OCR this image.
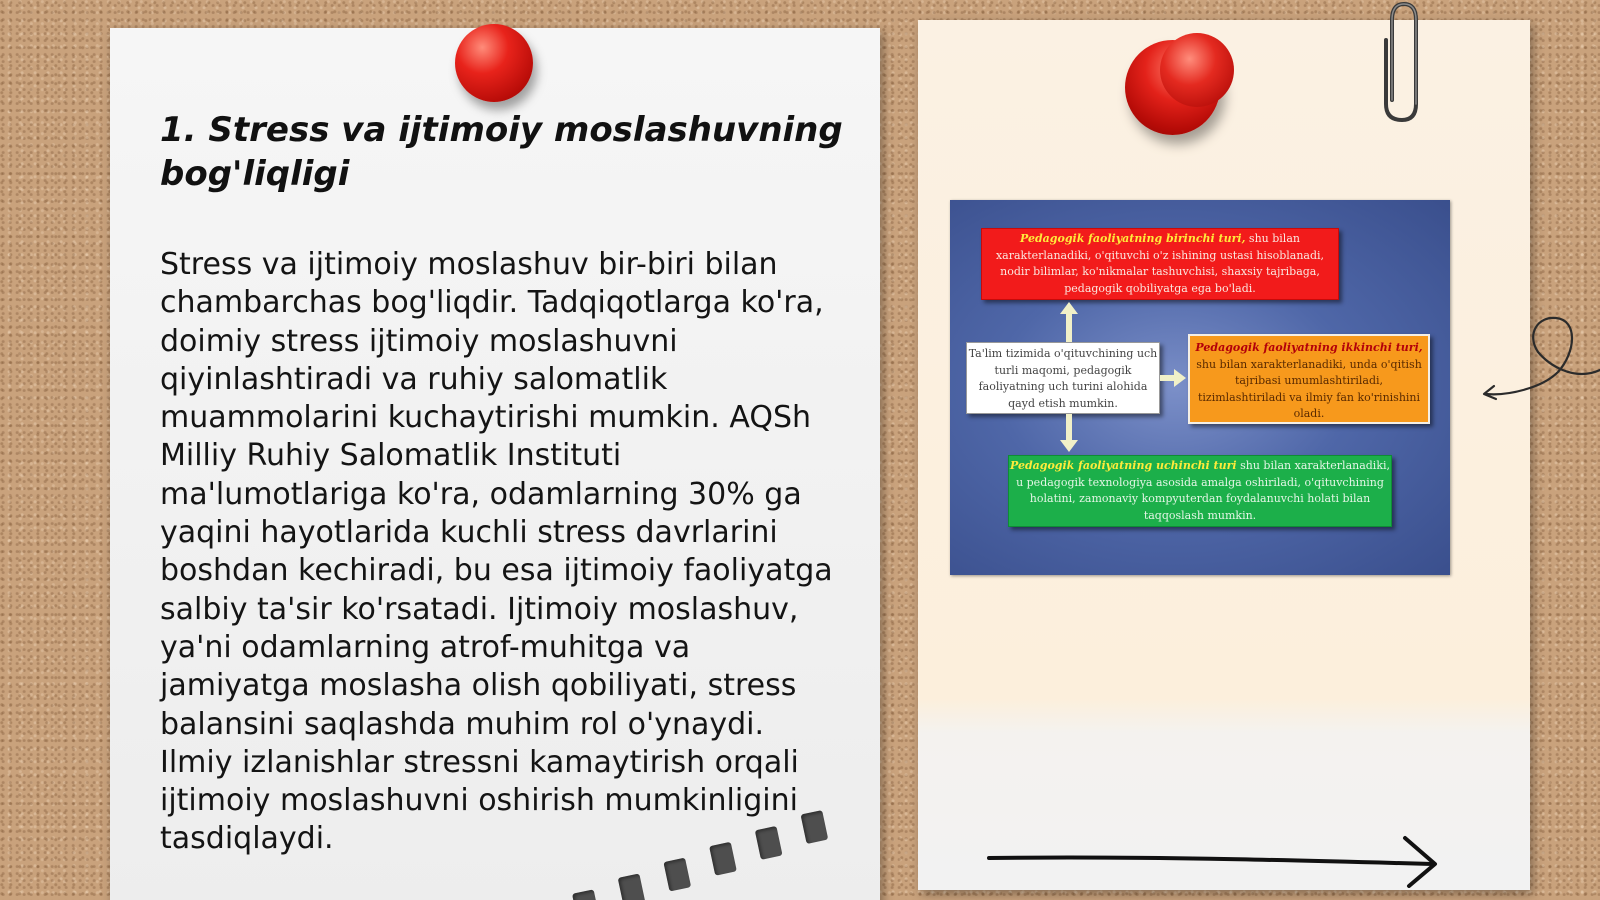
1. Stress va ijtimoiy moslashuvning bog'liqligi

Stress va ijtimoiy moslashuv bir-biri bilan chambarchas bog'liqdir. Tadqiqotlarga ko'ra, doimiy stress ijtimoiy moslashuvni qiyinlashtiradi va ruhiy salomatlik muammolarini kuchaytirishi mumkin. AQSh Milliy Ruhiy Salomatlik Instituti ma'lumotlariga ko'ra, odamlarning 30% ga yaqini hayotlarida kuchli stress davrlarini boshdan kechiradi, bu esa ijtimoiy faoliyatga salbiy ta'sir ko'rsatadi. Ijtimoiy moslashuv, ya'ni odamlarning atrof-muhitga va jamiyatga moslasha olish qobiliyati, stress balansini saqlashda muhim rol o'ynaydi. Ilmiy izlanishlar stressni kamaytirish orqali ijtimoiy moslashuvni oshirish mumkinligini tasdiqlaydi.

Pedagogik faoliyatning birinchi turi, shu bilan xarakterlanadiki, o'qituvchi o'z ishining ustasi hisoblanadi, nodir bilimlar, ko'nikmalar tashuvchisi, shaxsiy tajribaga, pedagogik qobiliyatga ega bo'ladi.
Ta'lim tizimida o'qituvchining uch turli maqomi, pedagogik faoliyatning uch turini alohida qayd etish mumkin.
Pedagogik faoliyatning ikkinchi turi, shu bilan xarakterlanadiki, unda o'qitish tajribasi umumlashtiriladi, tizimlashtiriladi va ilmiy fan ko'rinishini oladi.
Pedagogik faoliyatning uchinchi turi shu bilan xarakterlanadiki, u pedagogik texnologiya asosida amalga oshiriladi, o'qituvchining holatini, zamonaviy kompyuterdan foydalanuvchi holati bilan taqqoslash mumkin.
